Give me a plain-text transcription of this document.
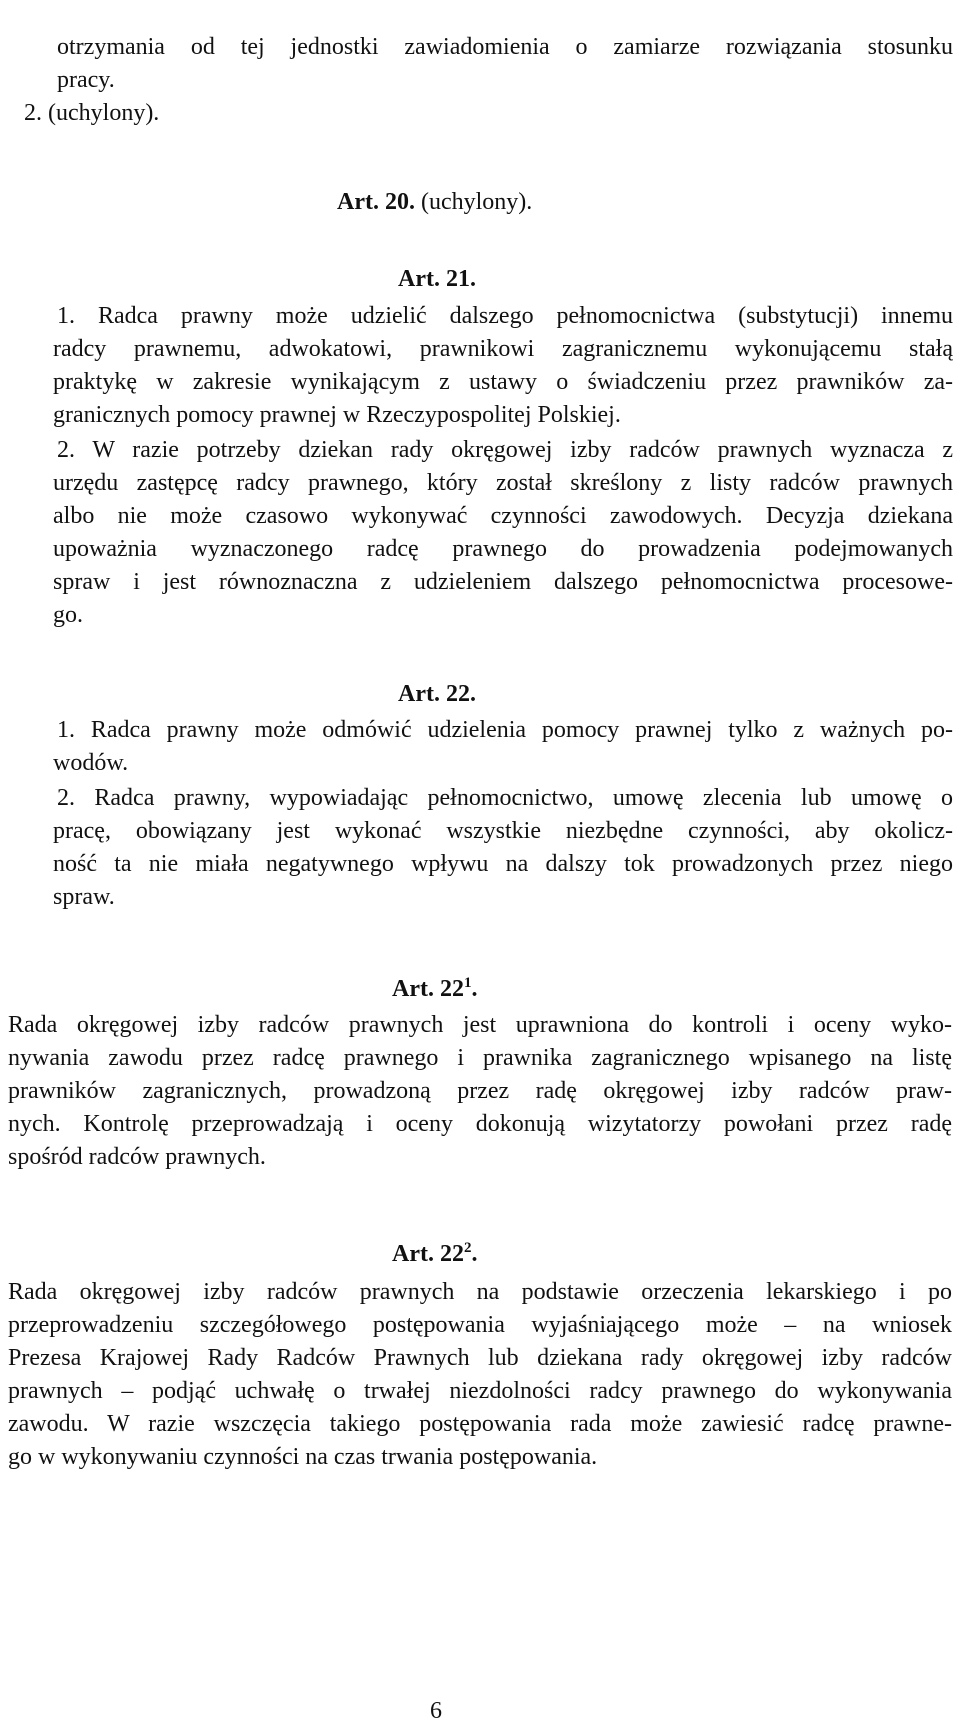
otrzymania od tej jednostki zawiadomienia o zamiarze rozwiązania stosunku
pracy.
2. (uchylony).
Art. 20. (uchylony).
Art. 21.
1. Radca prawny może udzielić dalszego pełnomocnictwa (substytucji) innemu
radcy prawnemu, adwokatowi, prawnikowi zagranicznemu wykonującemu stałą
praktykę w zakresie wynikającym z ustawy o świadczeniu przez prawników za-
granicznych pomocy prawnej w Rzeczypospolitej Polskiej.
2. W razie potrzeby dziekan rady okręgowej izby radców prawnych wyznacza z
urzędu zastępcę radcy prawnego, który został skreślony z listy radców prawnych
albo nie może czasowo wykonywać czynności zawodowych. Decyzja dziekana
upoważnia wyznaczonego radcę prawnego do prowadzenia podejmowanych
spraw i jest równoznaczna z udzieleniem dalszego pełnomocnictwa procesowe-
go.
Art. 22.
1. Radca prawny może odmówić udzielenia pomocy prawnej tylko z ważnych po-
wodów.
2. Radca prawny, wypowiadając pełnomocnictwo, umowę zlecenia lub umowę o
pracę, obowiązany jest wykonać wszystkie niezbędne czynności, aby okolicz-
ność ta nie miała negatywnego wpływu na dalszy tok prowadzonych przez niego
spraw.
Art. $22^1$.
Rada okręgowej izby radców prawnych jest uprawniona do kontroli i oceny wyko-
nywania zawodu przez radcę prawnego i prawnika zagranicznego wpisanego na listę
prawników zagranicznych, prowadzoną przez radę okręgowej izby radców praw-
nych. Kontrolę przeprowadzają i oceny dokonują wizytatorzy powołani przez radę
spośród radców prawnych.
Art. $22^2$.
Rada okręgowej izby radców prawnych na podstawie orzeczenia lekarskiego i po
przeprowadzeniu szczegółowego postępowania wyjaśniającego może – na wniosek
Prezesa Krajowej Rady Radców Prawnych lub dziekana rady okręgowej izby radców
prawnych – podjąć uchwałę o trwałej niezdolności radcy prawnego do wykonywania
zawodu. W razie wszczęcia takiego postępowania rada może zawiesić radcę prawne-
go w wykonywaniu czynności na czas trwania postępowania.
6
